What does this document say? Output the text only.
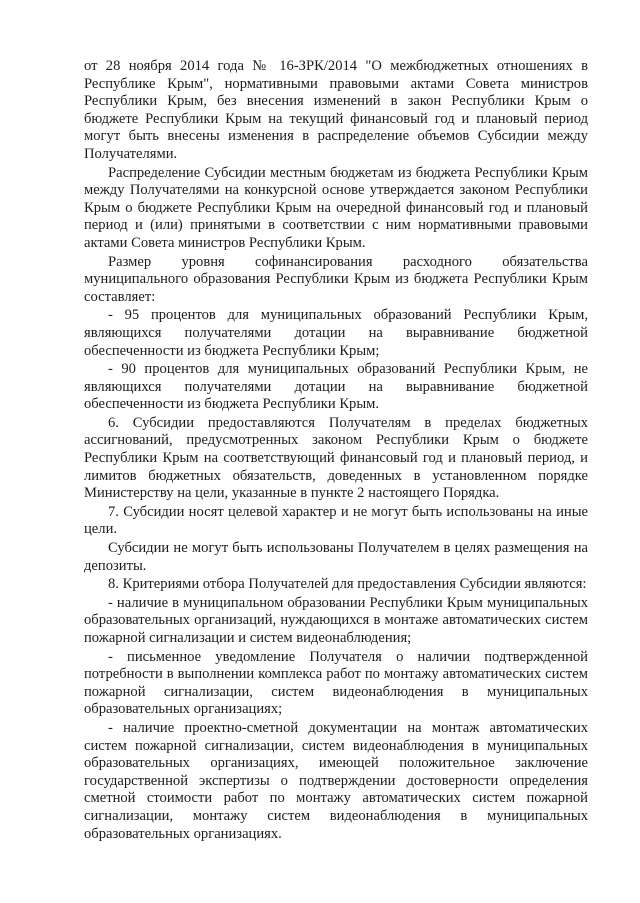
от 28 ноября 2014 года № 16-ЗРК/2014 "О межбюджетных отношениях в Республике Крым", нормативными правовыми актами Совета министров Республики Крым, без внесения изменений в закон Республики Крым о бюджете Республики Крым на текущий финансовый год и плановый период могут быть внесены изменения в распределение объемов Субсидии между Получателями.

Распределение Субсидии местным бюджетам из бюджета Республики Крым между Получателями на конкурсной основе утверждается законом Республики Крым о бюджете Республики Крым на очередной финансовый год и плановый период и (или) принятыми в соответствии с ним нормативными правовыми актами Совета министров Республики Крым.

Размер уровня софинансирования расходного обязательства муниципального образования Республики Крым из бюджета Республики Крым составляет:

- 95 процентов для муниципальных образований Республики Крым, являющихся получателями дотации на выравнивание бюджетной обеспеченности из бюджета Республики Крым;

- 90 процентов для муниципальных образований Республики Крым, не являющихся получателями дотации на выравнивание бюджетной обеспеченности из бюджета Республики Крым.

6. Субсидии предоставляются Получателям в пределах бюджетных ассигнований, предусмотренных законом Республики Крым о бюджете Республики Крым на соответствующий финансовый год и плановый период, и лимитов бюджетных обязательств, доведенных в установленном порядке Министерству на цели, указанные в пункте 2 настоящего Порядка.

7. Субсидии носят целевой характер и не могут быть использованы на иные цели.

Субсидии не могут быть использованы Получателем в целях размещения на депозиты.

8. Критериями отбора Получателей для предоставления Субсидии являются:

- наличие в муниципальном образовании Республики Крым муниципальных образовательных организаций, нуждающихся в монтаже автоматических систем пожарной сигнализации и систем видеонаблюдения;

- письменное уведомление Получателя о наличии подтвержденной потребности в выполнении комплекса работ по монтажу автоматических систем пожарной сигнализации, систем видеонаблюдения в муниципальных образовательных организациях;

- наличие проектно-сметной документации на монтаж автоматических систем пожарной сигнализации, систем видеонаблюдения в муниципальных образовательных организациях, имеющей положительное заключение государственной экспертизы о подтверждении достоверности определения сметной стоимости работ по монтажу автоматических систем пожарной сигнализации, монтажу систем видеонаблюдения в муниципальных образовательных организациях.
